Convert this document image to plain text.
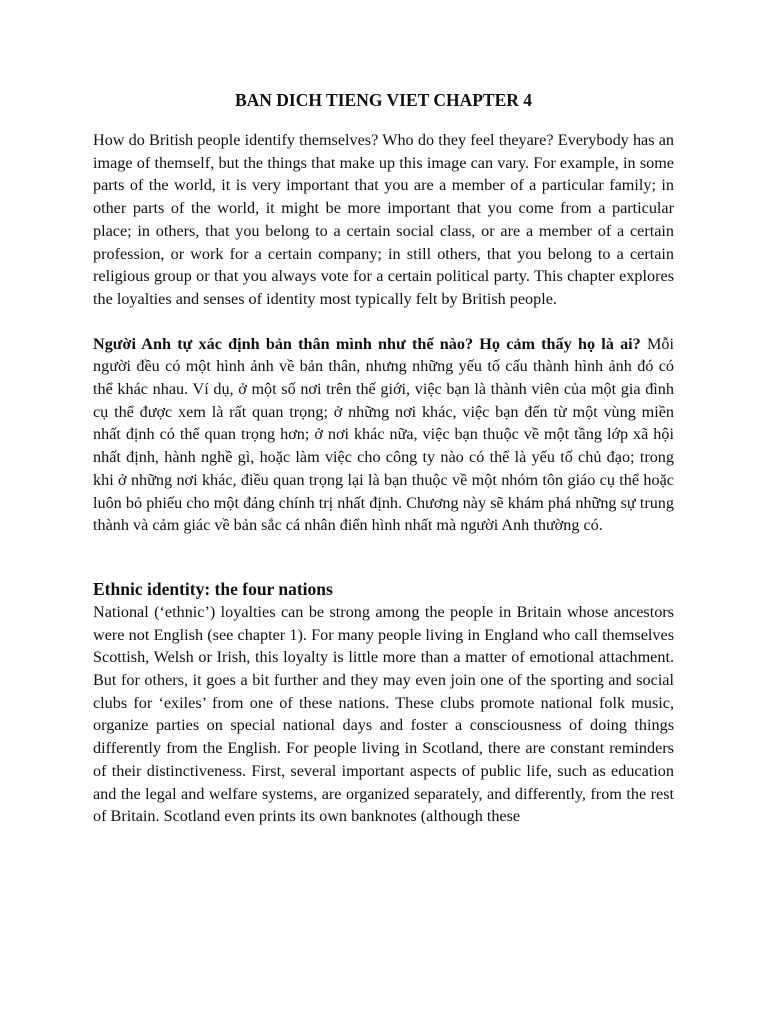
BAN DICH TIENG VIET CHAPTER 4

How do British people identify themselves? Who do they feel theyare? Everybody has an image of themself, but the things that make up this image can vary. For example, in some parts of the world, it is very important that you are a member of a particular family; in other parts of the world, it might be more important that you come from a particular place; in others, that you belong to a certain social class, or are a member of a certain profession, or work for a certain company; in still others, that you belong to a certain religious group or that you always vote for a certain political party. This chapter explores the loyalties and senses of identity most typically felt by British people.

Người Anh tự xác định bản thân mình như thế nào? Họ cảm thấy họ là ai? Mỗi người đều có một hình ảnh về bản thân, nhưng những yếu tố cấu thành hình ảnh đó có thể khác nhau. Ví dụ, ở một số nơi trên thế giới, việc bạn là thành viên của một gia đình cụ thể được xem là rất quan trọng; ở những nơi khác, việc bạn đến từ một vùng miền nhất định có thể quan trọng hơn; ở nơi khác nữa, việc bạn thuộc về một tầng lớp xã hội nhất định, hành nghề gì, hoặc làm việc cho công ty nào có thể là yếu tố chủ đạo; trong khi ở những nơi khác, điều quan trọng lại là bạn thuộc về một nhóm tôn giáo cụ thể hoặc luôn bỏ phiếu cho một đảng chính trị nhất định. Chương này sẽ khám phá những sự trung thành và cảm giác về bản sắc cá nhân điển hình nhất mà người Anh thường có.

Ethnic identity: the four nations

National (‘ethnic’) loyalties can be strong among the people in Britain whose ancestors were not English (see chapter 1). For many people living in England who call themselves Scottish, Welsh or Irish, this loyalty is little more than a matter of emotional attachment. But for others, it goes a bit further and they may even join one of the sporting and social clubs for ‘exiles’ from one of these nations. These clubs promote national folk music, organize parties on special national days and foster a consciousness of doing things differently from the English. For people living in Scotland, there are constant reminders of their distinctiveness. First, several important aspects of public life, such as education and the legal and welfare systems, are organized separately, and differently, from the rest of Britain. Scotland even prints its own banknotes (although these
